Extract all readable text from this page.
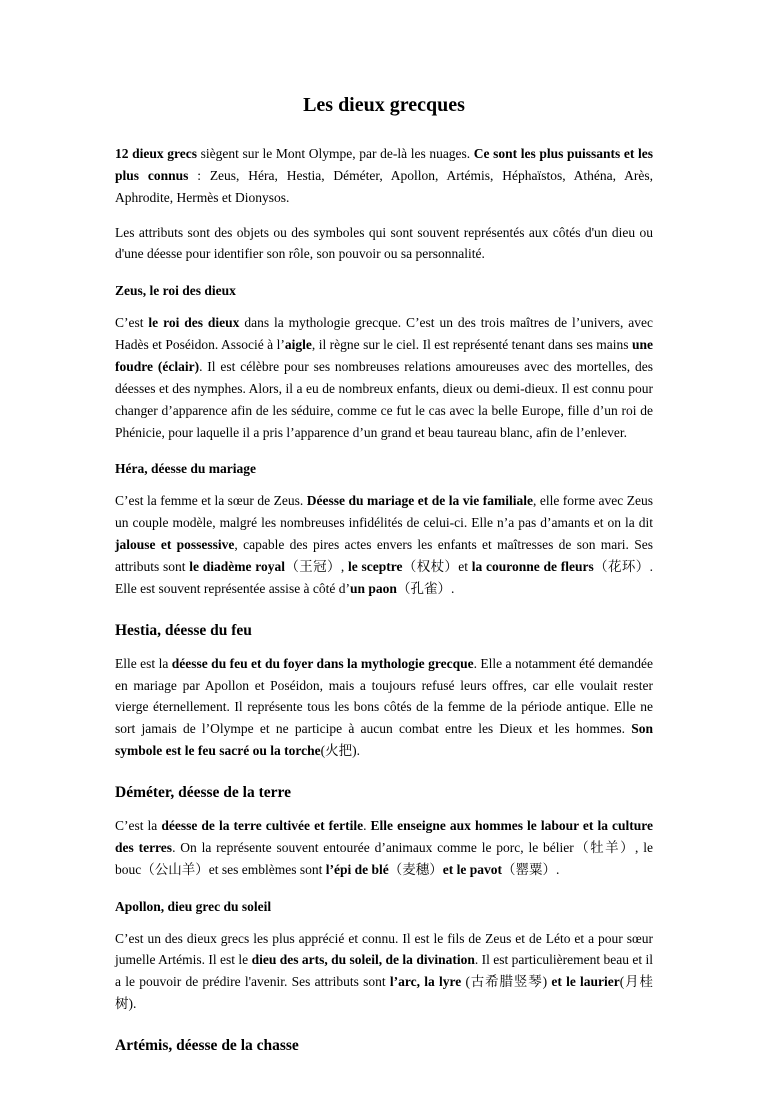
Les dieux grecques

12 dieux grecs siègent sur le Mont Olympe, par de-là les nuages. Ce sont les plus puissants et les plus connus : Zeus, Héra, Hestia, Déméter, Apollon, Artémis, Héphaïstos, Athéna, Arès, Aphrodite, Hermès et Dionysos.

Les attributs sont des objets ou des symboles qui sont souvent représentés aux côtés d'un dieu ou d'une déesse pour identifier son rôle, son pouvoir ou sa personnalité.

Zeus, le roi des dieux

C’est le roi des dieux dans la mythologie grecque. C’est un des trois maîtres de l’univers, avec Hadès et Poséidon. Associé à l’aigle, il règne sur le ciel. Il est représenté tenant dans ses mains une foudre (éclair). Il est célèbre pour ses nombreuses relations amoureuses avec des mortelles, des déesses et des nymphes. Alors, il a eu de nombreux enfants, dieux ou demi-dieux. Il est connu pour changer d’apparence afin de les séduire, comme ce fut le cas avec la belle Europe, fille d’un roi de Phénicie, pour laquelle il a pris l’apparence d’un grand et beau taureau blanc, afin de l’enlever.

Héra, déesse du mariage

C’est la femme et la sœur de Zeus. Déesse du mariage et de la vie familiale, elle forme avec Zeus un couple modèle, malgré les nombreuses infidélités de celui-ci. Elle n’a pas d’amants et on la dit jalouse et possessive, capable des pires actes envers les enfants et maîtresses de son mari. Ses attributs sont le diadème royal（王冠）, le sceptre（权杖）et la couronne de fleurs（花环）. Elle est souvent représentée assise à côté d’un paon（孔雀）.

Hestia, déesse du feu

Elle est la déesse du feu et du foyer dans la mythologie grecque. Elle a notamment été demandée en mariage par Apollon et Poséidon, mais a toujours refusé leurs offres, car elle voulait rester vierge éternellement. Il représente tous les bons côtés de la femme de la période antique. Elle ne sort jamais de l’Olympe et ne participe à aucun combat entre les Dieux et les hommes. Son symbole est le feu sacré ou la torche(火把).

Déméter, déesse de la terre

C’est la déesse de la terre cultivée et fertile. Elle enseigne aux hommes le labour et la culture des terres. On la représente souvent entourée d’animaux comme le porc, le bélier（牡羊）, le bouc（公山羊）et ses emblèmes sont l’épi de blé（麦穗）et le pavot（罂粟）.

Apollon, dieu grec du soleil

C’est un des dieux grecs les plus apprécié et connu. Il est le fils de Zeus et de Léto et a pour sœur jumelle Artémis. Il est le dieu des arts, du soleil, de la divination. Il est particulièrement beau et il a le pouvoir de prédire l'avenir. Ses attributs sont l’arc, la lyre (古希腊竖琴) et le laurier(月桂树).

Artémis, déesse de la chasse
